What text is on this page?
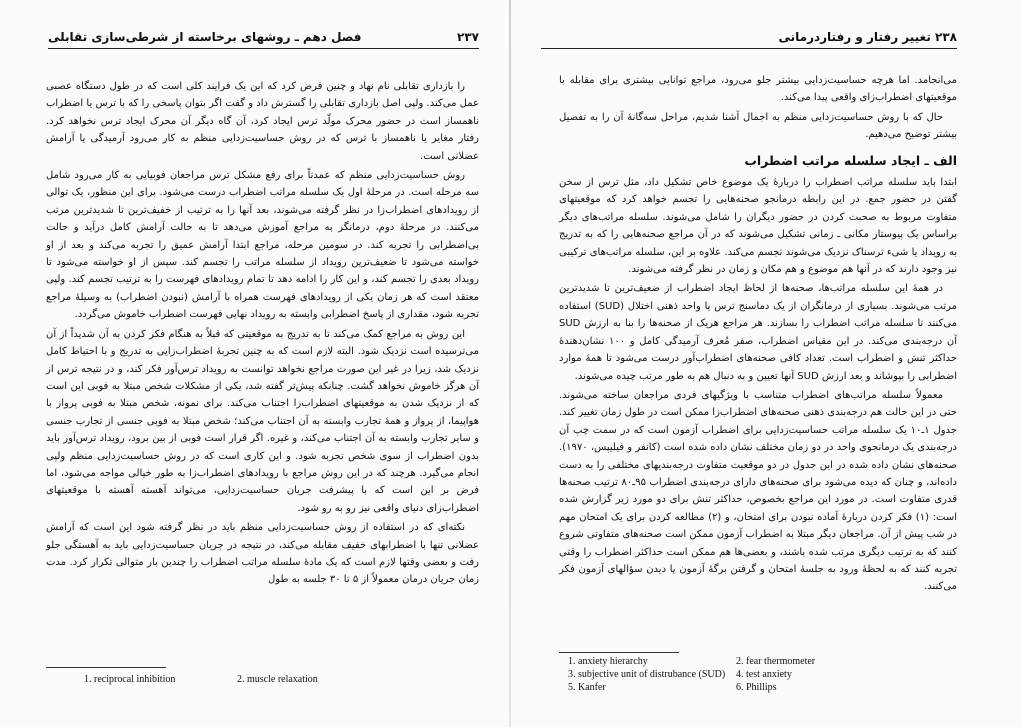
۲۳۷
فصل دهم ـ روشهای برخاسته از شرطی‌سازی تقابلی

را بازداری تقابلی نام نهاد و چنین فرض کرد که این یک فرایند کلی است که در طول دستگاه عصبی عمل می‌کند. ولپی اصل بازداری تقابلی را گسترش داد و گفت اگر بتوان پاسخی را که با ترس یا اضطراب ناهمساز است در حضور محرک مولّد ترس ایجاد کرد، آن گاه دیگر آن محرک ایجاد ترس نخواهد کرد. رفتار مغایر یا ناهمساز با ترس که در روش حساسیت‌زدایی منظم به کار می‌رود آرمیدگی یا آرامش عضلانی است.

روش حساسیت‌زدایی منظم که عمدتاً برای رفع مشکل ترس مراجعان فوبیایی به کار می‌رود شامل سه مرحله است. در مرحلهٔ اول یک سلسله مراتب اضطراب درست می‌شود. برای این منظور، یک توالی از رویدادهای اضطراب‌زا در نظر گرفته می‌شوند، بعد آنها را به ترتیب از خفیف‌ترین تا شدیدترین مرتب می‌کنند. در مرحلهٔ دوم، درمانگر به مراجع آموزش می‌دهد تا به حالت آرامش کامل درآید و حالت بی‌اضطرابی را تجربه کند. در سومین مرحله، مراجع ابتدا آرامش عمیق را تجربه می‌کند و بعد از او خواسته می‌شود تا ضعیف‌ترین رویداد از سلسله مراتب را تجسم کند. سپس از او خواسته می‌شود تا رویداد بعدی را تجسم کند، و این کار را ادامه دهد تا تمام رویدادهای فهرست را به ترتیب تجسم کند. ولپی معتقد است که هر زمان یکی از رویدادهای فهرست همراه با آرامش (نبودن اضطراب) به وسیلهٔ مراجع تجربه شود، مقداری از پاسخ اضطرابی وابسته به رویداد نهایی فهرست اضطراب خاموش می‌گردد.

این روش به مراجع کمک می‌کند تا به تدریج به موقعیتی که قبلاً به هنگام فکر کردن به آن شدیداً از آن می‌ترسیده است نزدیک شود. البته لازم است که به چنین تجربهٔ اضطراب‌زایی به تدریج و با احتیاط کامل نزدیک شد، زیرا در غیر این صورت مراجع نخواهد توانست به رویداد ترس‌آور فکر کند، و در نتیجه ترس از آن هرگز خاموش نخواهد گشت. چنانکه پیش‌تر گفته شد، یکی از مشکلات شخص مبتلا به فوبی این است که از نزدیک شدن به موقعیتهای اضطراب‌زا اجتناب می‌کند. برای نمونه، شخص مبتلا به فوبی پرواز با هواپیما، از پرواز و همهٔ تجارب وابسته به آن اجتناب می‌کند؛ شخص مبتلا به فوبی جنسی از تجارب جنسی و سایر تجارب وابسته به آن اجتناب می‌کند، و غیره. اگر قرار است فوبی از بین برود، رویداد ترس‌آور باید بدون اضطراب از سوی شخص تجربه شود. و این کاری است که در روش حساسیت‌زدایی منظم ولپی انجام می‌گیرد. هرچند که در این روش مراجع با رویدادهای اضطراب‌زا به طور خیالی مواجه می‌شود، اما فرض بر این است که با پیشرفت جریان حساسیت‌زدایی، می‌تواند آهسته آهسته با موقعیتهای اضطراب‌زای دنیای واقعی نیز رو به رو شود.

نکته‌ای که در استفاده از روش حساسیت‌زدایی منظم باید در نظر گرفته شود این است که آرامش عضلانی تنها با اضطرابهای خفیف مقابله می‌کند، در نتیجه در جریان حساسیت‌زدایی باید به آهستگی جلو رفت و بعضی وقتها لازم است که یک مادهٔ سلسله مراتب اضطراب را چندین بار متوالی تکرار کرد. مدت زمان جریان درمان معمولاً از ۵ تا ۳۰ جلسه به طول

1. reciprocal inhibition	2. muscle relaxation
۲۳۸ تغییر رفتار و رفتاردرمانی

می‌انجامد. اما هرچه حساسیت‌زدایی بیشتر جلو می‌رود، مراجع توانایی بیشتری برای مقابله با موقعیتهای اضطراب‌زای واقعی پیدا می‌کند.

حال که با روش حساسیت‌زدایی منظم به اجمال آشنا شدیم، مراحل سه‌گانهٔ آن را به تفصیل بیشتر توضیح می‌دهیم.

الف ـ ایجاد سلسله مراتب اضطراب

ابتدا باید سلسله مراتب اضطراب را دربارهٔ یک موضوع خاص تشکیل داد، مثل ترس از سخن گفتن در حضور جمع. در این رابطه درمانجو صحنه‌هایی را تجسم خواهد کرد که موقعیتهای متفاوت مربوط به صحبت کردن در حضور دیگران را شامل می‌شوند. سلسله مراتب‌های دیگر براساس یک پیوستار مکانی ـ زمانی تشکیل می‌شوند که در آن مراجع صحنه‌هایی را که به تدریج به رویداد یا شیء ترسناک نزدیک می‌شوند تجسم می‌کند. علاوه بر این، سلسله مراتب‌های ترکیبی نیز وجود دارند که در آنها هم موضوع و هم مکان و زمان در نظر گرفته می‌شوند.

در همهٔ این سلسله مراتب‌ها، صحنه‌ها از لحاظ ایجاد اضطراب از ضعیف‌ترین تا شدیدترین مرتب می‌شوند. بسیاری از درمانگران از یک دماسنج ترس یا واحد ذهنی اختلال (SUD) استفاده می‌کنند تا سلسله مراتب اضطراب را بسازند. هر مراجع هریک از صحنه‌ها را بنا به ارزش SUD آن درجه‌بندی می‌کند. در این مقیاس اضطراب، صفر مُعرف آرمیدگی کامل و ۱۰۰ نشان‌دهندهٔ حداکثر تنش و اضطراب است. تعداد کافی صحنه‌های اضطراب‌آور درست می‌شود تا همهٔ موارد اضطرابی را بپوشاند و بعد ارزش SUD آنها تعیین و به دنبال هم به طور مرتب چیده می‌شوند.

معمولاً سلسله مراتب‌های اضطراب متناسب با ویژگیهای فردی مراجعان ساخته می‌شوند. حتی در این حالت هم درجه‌بندی ذهنی صحنه‌های اضطراب‌زا ممکن است در طول زمان تغییر کند. جدول ۱ـ۱۰ یک سلسله مراتب حساسیت‌زدایی برای اضطراب آزمون است که در سمت چپ آن درجه‌بندی یک درمانجوی واحد در دو زمان مختلف نشان داده شده است (کانفر و فیلیپس، ۱۹۷۰). صحنه‌های نشان داده شده در این جدول در دو موقعیت متفاوت درجه‌بندیهای مختلفی را به دست داده‌اند، و چنان که دیده می‌شود برای صحنه‌های دارای درجه‌بندی اضطراب ۹۵ـ۸۰ ترتیب صحنه‌ها قدری متفاوت است. در مورد این مراجع بخصوص، حداکثر تنش برای دو مورد زیر گزارش شده است: (۱) فکر کردن دربارهٔ آماده نبودن برای امتحان، و (۲) مطالعه کردن برای یک امتحان مهم در شب پیش از آن. مراجعان دیگر مبتلا به اضطراب آزمون ممکن است صحنه‌های متفاوتی شروع کنند که به ترتیب دیگری مرتب شده باشند، و بعضی‌ها هم ممکن است حداکثر اضطراب را وقتی تجربه کنند که به لحظهٔ ورود به جلسهٔ امتحان و گرفتن برگهٔ آزمون یا دیدن سؤالهای آزمون فکر می‌کنند.

1. anxiety hierarchy	2. fear thermometer
3. subjective unit of distrubance (SUD)	4. test anxiety
5. Kanfer	6. Phillips
